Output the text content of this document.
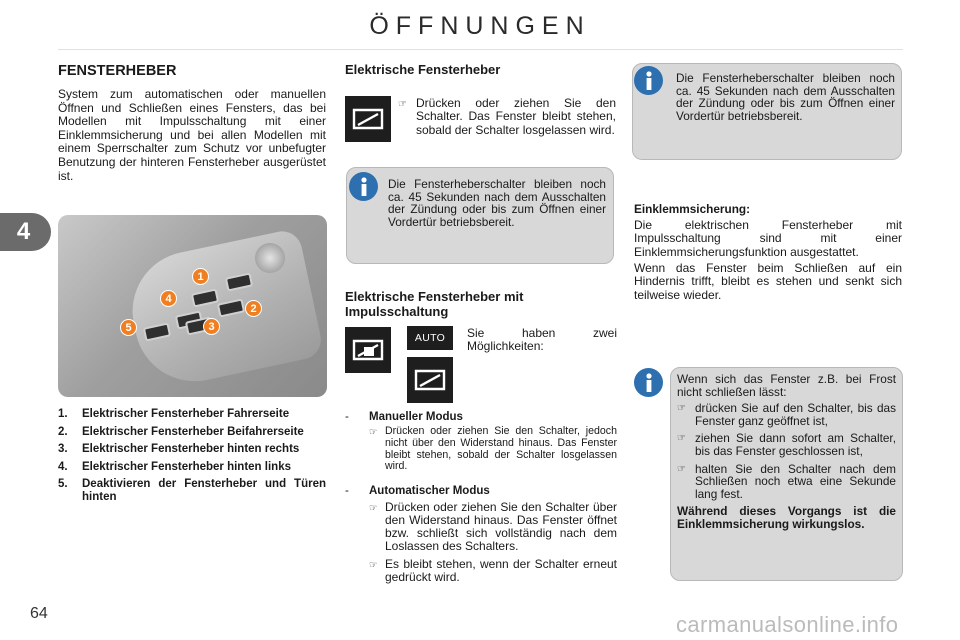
ÖFFNUNGEN
4
FENSTERHEBER

System zum automatischen oder manuellen Öffnen und Schließen eines Fensters, das bei Modellen mit Impulsschaltung mit einer Einklemmsicherung und bei allen Modellen mit einem Sperrschalter zum Schutz vor unbefugter Benutzung der hinteren Fensterheber ausgerüstet ist.

1
2
3
4
5
1.	Elektrischer Fensterheber Fahrerseite
2.	Elektrischer Fensterheber Beifahrerseite
3.	Elektrischer Fensterheber hinten rechts
4.	Elektrischer Fensterheber hinten links
5.	Deaktivieren der Fensterheber und Türen hinten
Elektrische Fensterheber
☞ Drücken oder ziehen Sie den Schalter. Das Fenster bleibt stehen, sobald der Schalter losgelassen wird.

Die Fensterheberschalter bleiben noch ca. 45 Sekunden nach dem Ausschalten der Zündung oder bis zum Öffnen einer Vordertür betriebsbereit.

Elektrische Fensterheber mit Impulsschaltung
AUTO	Sie haben zwei Möglichkeiten:

-	Manueller Modus
☞ Drücken oder ziehen Sie den Schalter, jedoch nicht über den Widerstand hinaus. Das Fenster bleibt stehen, sobald der Schalter losgelassen wird.
-	Automatischer Modus
☞ Drücken oder ziehen Sie den Schalter über den Widerstand hinaus. Das Fenster öffnet bzw. schließt sich vollständig nach dem Loslassen des Schalters.
☞ Es bleibt stehen, wenn der Schalter erneut gedrückt wird.

Die Fensterheberschalter bleiben noch ca. 45 Sekunden nach dem Ausschalten der Zündung oder bis zum Öffnen einer Vordertür betriebsbereit.

Einklemmsicherung:

Die elektrischen Fensterheber mit Impulsschaltung sind mit einer Einklemmsicherungsfunktion ausgestattet.

Wenn das Fenster beim Schließen auf ein Hindernis trifft, bleibt es stehen und senkt sich teilweise wieder.

Wenn sich das Fenster z.B. bei Frost nicht schließen lässt:

☞ drücken Sie auf den Schalter, bis das Fenster ganz geöffnet ist,
☞ ziehen Sie dann sofort am Schalter, bis das Fenster geschlossen ist,
☞ halten Sie den Schalter nach dem Schließen noch etwa eine Sekunde lang fest.

Während dieses Vorgangs ist die Einklemmsicherung wirkungslos.

64	carmanualsonline.info
